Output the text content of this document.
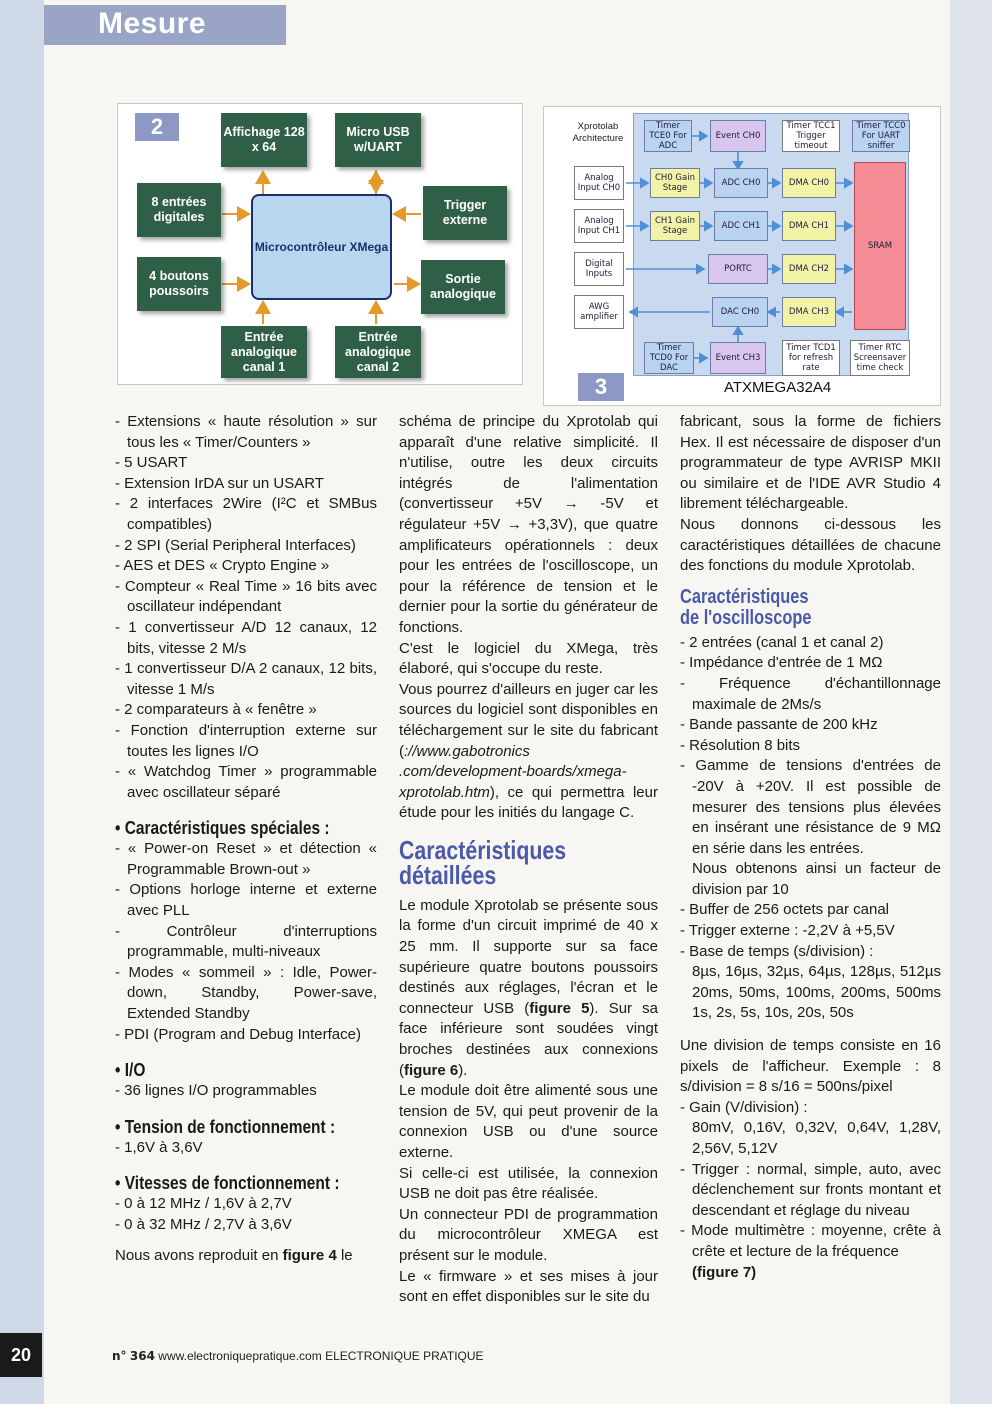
Mesure
2	Affichage 128 x 64
Micro USB w/UART
8 entrées digitales
Trigger externe
4 boutons poussoirs
Sortie analogique
Entrée analogique canal 1
Entrée analogique canal 2
Microcontrôleur XMega
Xprotolab Architecture
Timer TCE0 For ADC
Event CH0
Timer TCC1 Trigger timeout
Timer TCC0 For UART sniffer
Analog Input CH0
CH0 Gain Stage	ADC CH0	DMA CH0
Analog Input CH1
CH1 Gain Stage	ADC CH1	DMA CH1
SRAM
Digital Inputs	PORTC	DMA CH2
AWG amplifier	DAC CH0	DMA CH3
Timer TCD0 For DAC
Event CH3
Timer TCD1 for refresh rate
Timer RTC Screensaver time check
3	ATXMEGA32A4
- Extensions « haute résolution » sur tous les « Timer/Counters »
- 5 USART
- Extension IrDA sur un USART
- 2 interfaces 2Wire (I²C et SMBus compatibles)
- 2 SPI (Serial Peripheral Interfaces)
- AES et DES « Crypto Engine »
- Compteur « Real Time » 16 bits avec oscillateur indépendant
- 1 convertisseur A/D 12 canaux, 12 bits, vitesse 2 M/s
- 1 convertisseur D/A 2 canaux, 12 bits, vitesse 1 M/s
- 2 comparateurs à « fenêtre »
- Fonction d'interruption externe sur toutes les lignes I/O
- « Watchdog Timer » programmable avec oscillateur séparé
• Caractéristiques spéciales :
- « Power-on Reset » et détection « Programmable Brown-out »
- Options horloge interne et externe avec PLL
- Contrôleur d'interruptions programmable, multi-niveaux
- Modes « sommeil » : Idle, Power-down, Standby, Power-save, Extended Standby
- PDI (Program and Debug Interface)
• I/O
- 36 lignes I/O programmables
• Tension de fonctionnement :
- 1,6V à 3,6V
• Vitesses de fonctionnement :
- 0 à 12 MHz / 1,6V à 2,7V
- 0 à 32 MHz / 2,7V à 3,6V
Nous avons reproduit en figure 4 le
schéma de principe du Xprotolab qui apparaît d'une relative simplicité. Il n'utilise, outre les deux circuits intégrés de l'alimentation (convertisseur +5V → -5V et régulateur +5V → +3,3V), que quatre amplificateurs opérationnels : deux pour les entrées de l'oscilloscope, un pour la référence de tension et le dernier pour la sortie du générateur de fonctions.
C'est le logiciel du XMega, très élaboré, qui s'occupe du reste.
Vous pourrez d'ailleurs en juger car les sources du logiciel sont disponibles en téléchargement sur le site du fabricant (://www.gabotronics .com/development-boards/xmega-xprotolab.htm), ce qui permettra leur étude pour les initiés du langage C.
Caractéristiques
détaillées
Le module Xprotolab se présente sous la forme d'un circuit imprimé de 40 x 25 mm. Il supporte sur sa face supérieure quatre boutons poussoirs destinés aux réglages, l'écran et le connecteur USB (figure 5). Sur sa face inférieure sont soudées vingt broches destinées aux connexions (figure 6).
Le module doit être alimenté sous une tension de 5V, qui peut provenir de la connexion USB ou d'une source externe.
Si celle-ci est utilisée, la connexion USB ne doit pas être réalisée.
Un connecteur PDI de programmation du microcontrôleur XMEGA est présent sur le module.
Le « firmware » et ses mises à jour sont en effet disponibles sur le site du
fabricant, sous la forme de fichiers Hex. Il est nécessaire de disposer d'un programmateur de type AVRISP MKII ou similaire et de l'IDE AVR Studio 4 librement téléchargeable.
Nous donnons ci-dessous les caractéristiques détaillées de chacune des fonctions du module Xprotolab.
Caractéristiques
de l'oscilloscope
- 2 entrées (canal 1 et canal 2)
- Impédance d'entrée de 1 MΩ
- Fréquence d'échantillonnage maximale de 2Ms/s
- Bande passante de 200 kHz
- Résolution 8 bits
- Gamme de tensions d'entrées de -20V à +20V. Il est possible de mesurer des tensions plus élevées en insérant une résistance de 9 MΩ en série dans les entrées.
Nous obtenons ainsi un facteur de division par 10
- Buffer de 256 octets par canal
- Trigger externe : -2,2V à +5,5V
- Base de temps (s/division) :
8µs, 16µs, 32µs, 64µs, 128µs, 512µs 20ms, 50ms, 100ms, 200ms, 500ms 1s, 2s, 5s, 10s, 20s, 50s
Une division de temps consiste en 16 pixels de l'afficheur. Exemple : 8 s/division = 8 s/16 = 500ns/pixel
- Gain (V/division) :
80mV, 0,16V, 0,32V, 0,64V, 1,28V, 2,56V, 5,12V
- Trigger : normal, simple, auto, avec déclenchement sur fronts montant et descendant et réglage du niveau
- Mode multimètre : moyenne, crête à crête et lecture de la fréquence
(figure 7)
20	n° 364 www.electroniquepratique.com ELECTRONIQUE PRATIQUE
